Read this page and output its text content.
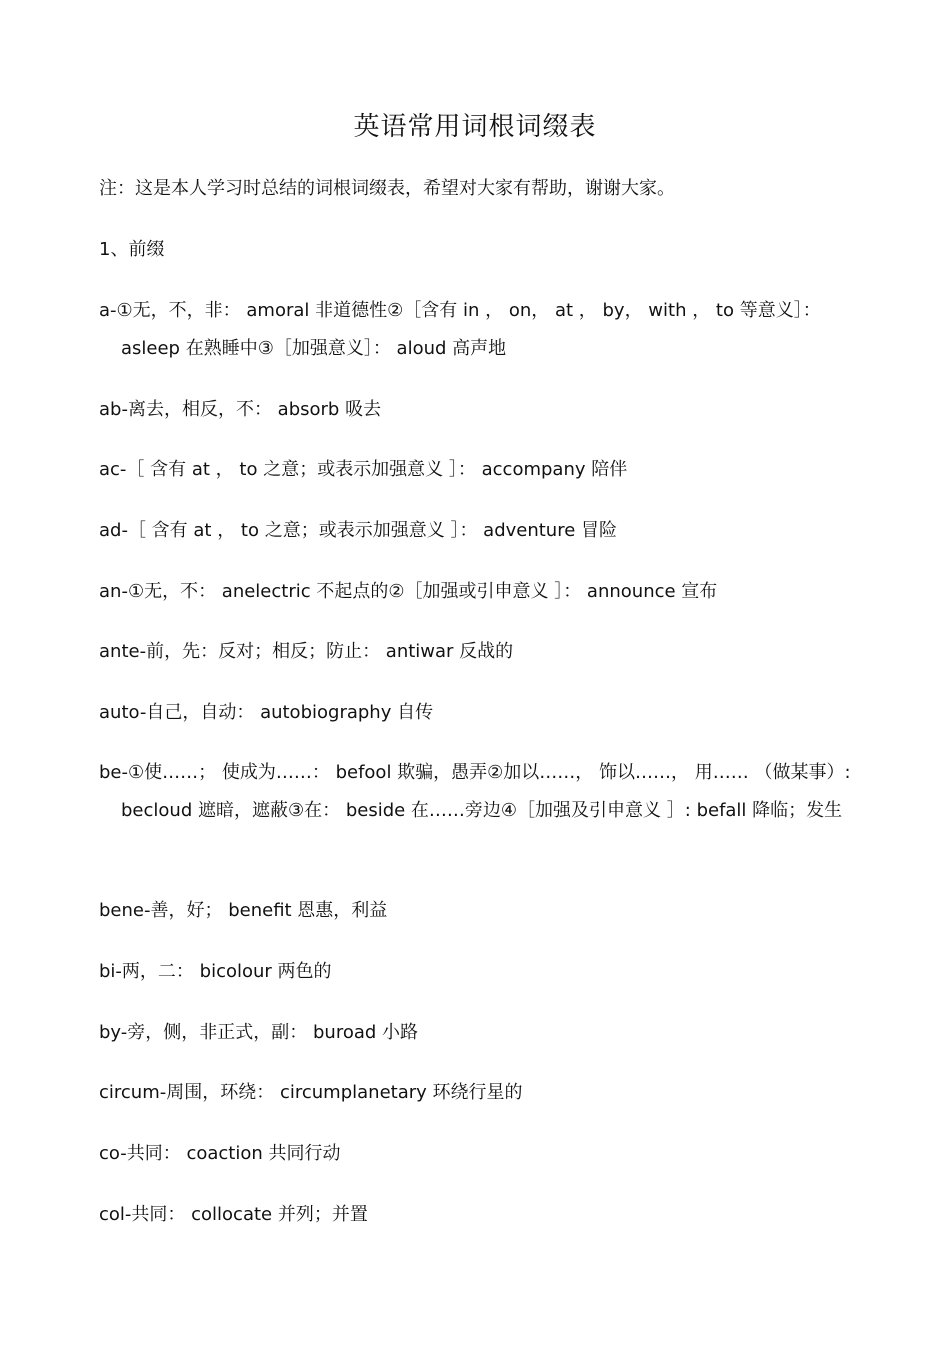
英语常用词根词缀表
注：这是本人学习时总结的词根词缀表，希望对大家有帮助，谢谢大家。
1、前缀
a-①无，不，非： amoral 非道德性②［含有 in ， on， at ， by， with ， to 等意义］： asleep 在熟睡中③［加强意义］： aloud 高声地
ab-离去，相反，不： absorb 吸去
ac-［ 含有 at ， to 之意；或表示加强意义 ］： accompany 陪伴
ad-［ 含有 at ， to 之意；或表示加强意义 ］： adventure 冒险
an-①无，不： anelectric 不起点的②［加强或引申意义 ］： announce 宣布
ante-前，先：反对；相反；防止： antiwar 反战的
auto-自己，自动： autobiography 自传
be-①使……； 使成为……： befool 欺骗，愚弄②加以……， 饰以……， 用…… （做某事）: becloud 遮暗，遮蔽③在： beside 在……旁边④［加强及引申意义 ］: befall 降临；发生
bene-善，好； benefit 恩惠，利益
bi-两，二： bicolour 两色的
by-旁，侧，非正式，副： buroad 小路
circum-周围，环绕： circumplanetary 环绕行星的
co-共同： coaction 共同行动
col-共同： collocate 并列；并置
